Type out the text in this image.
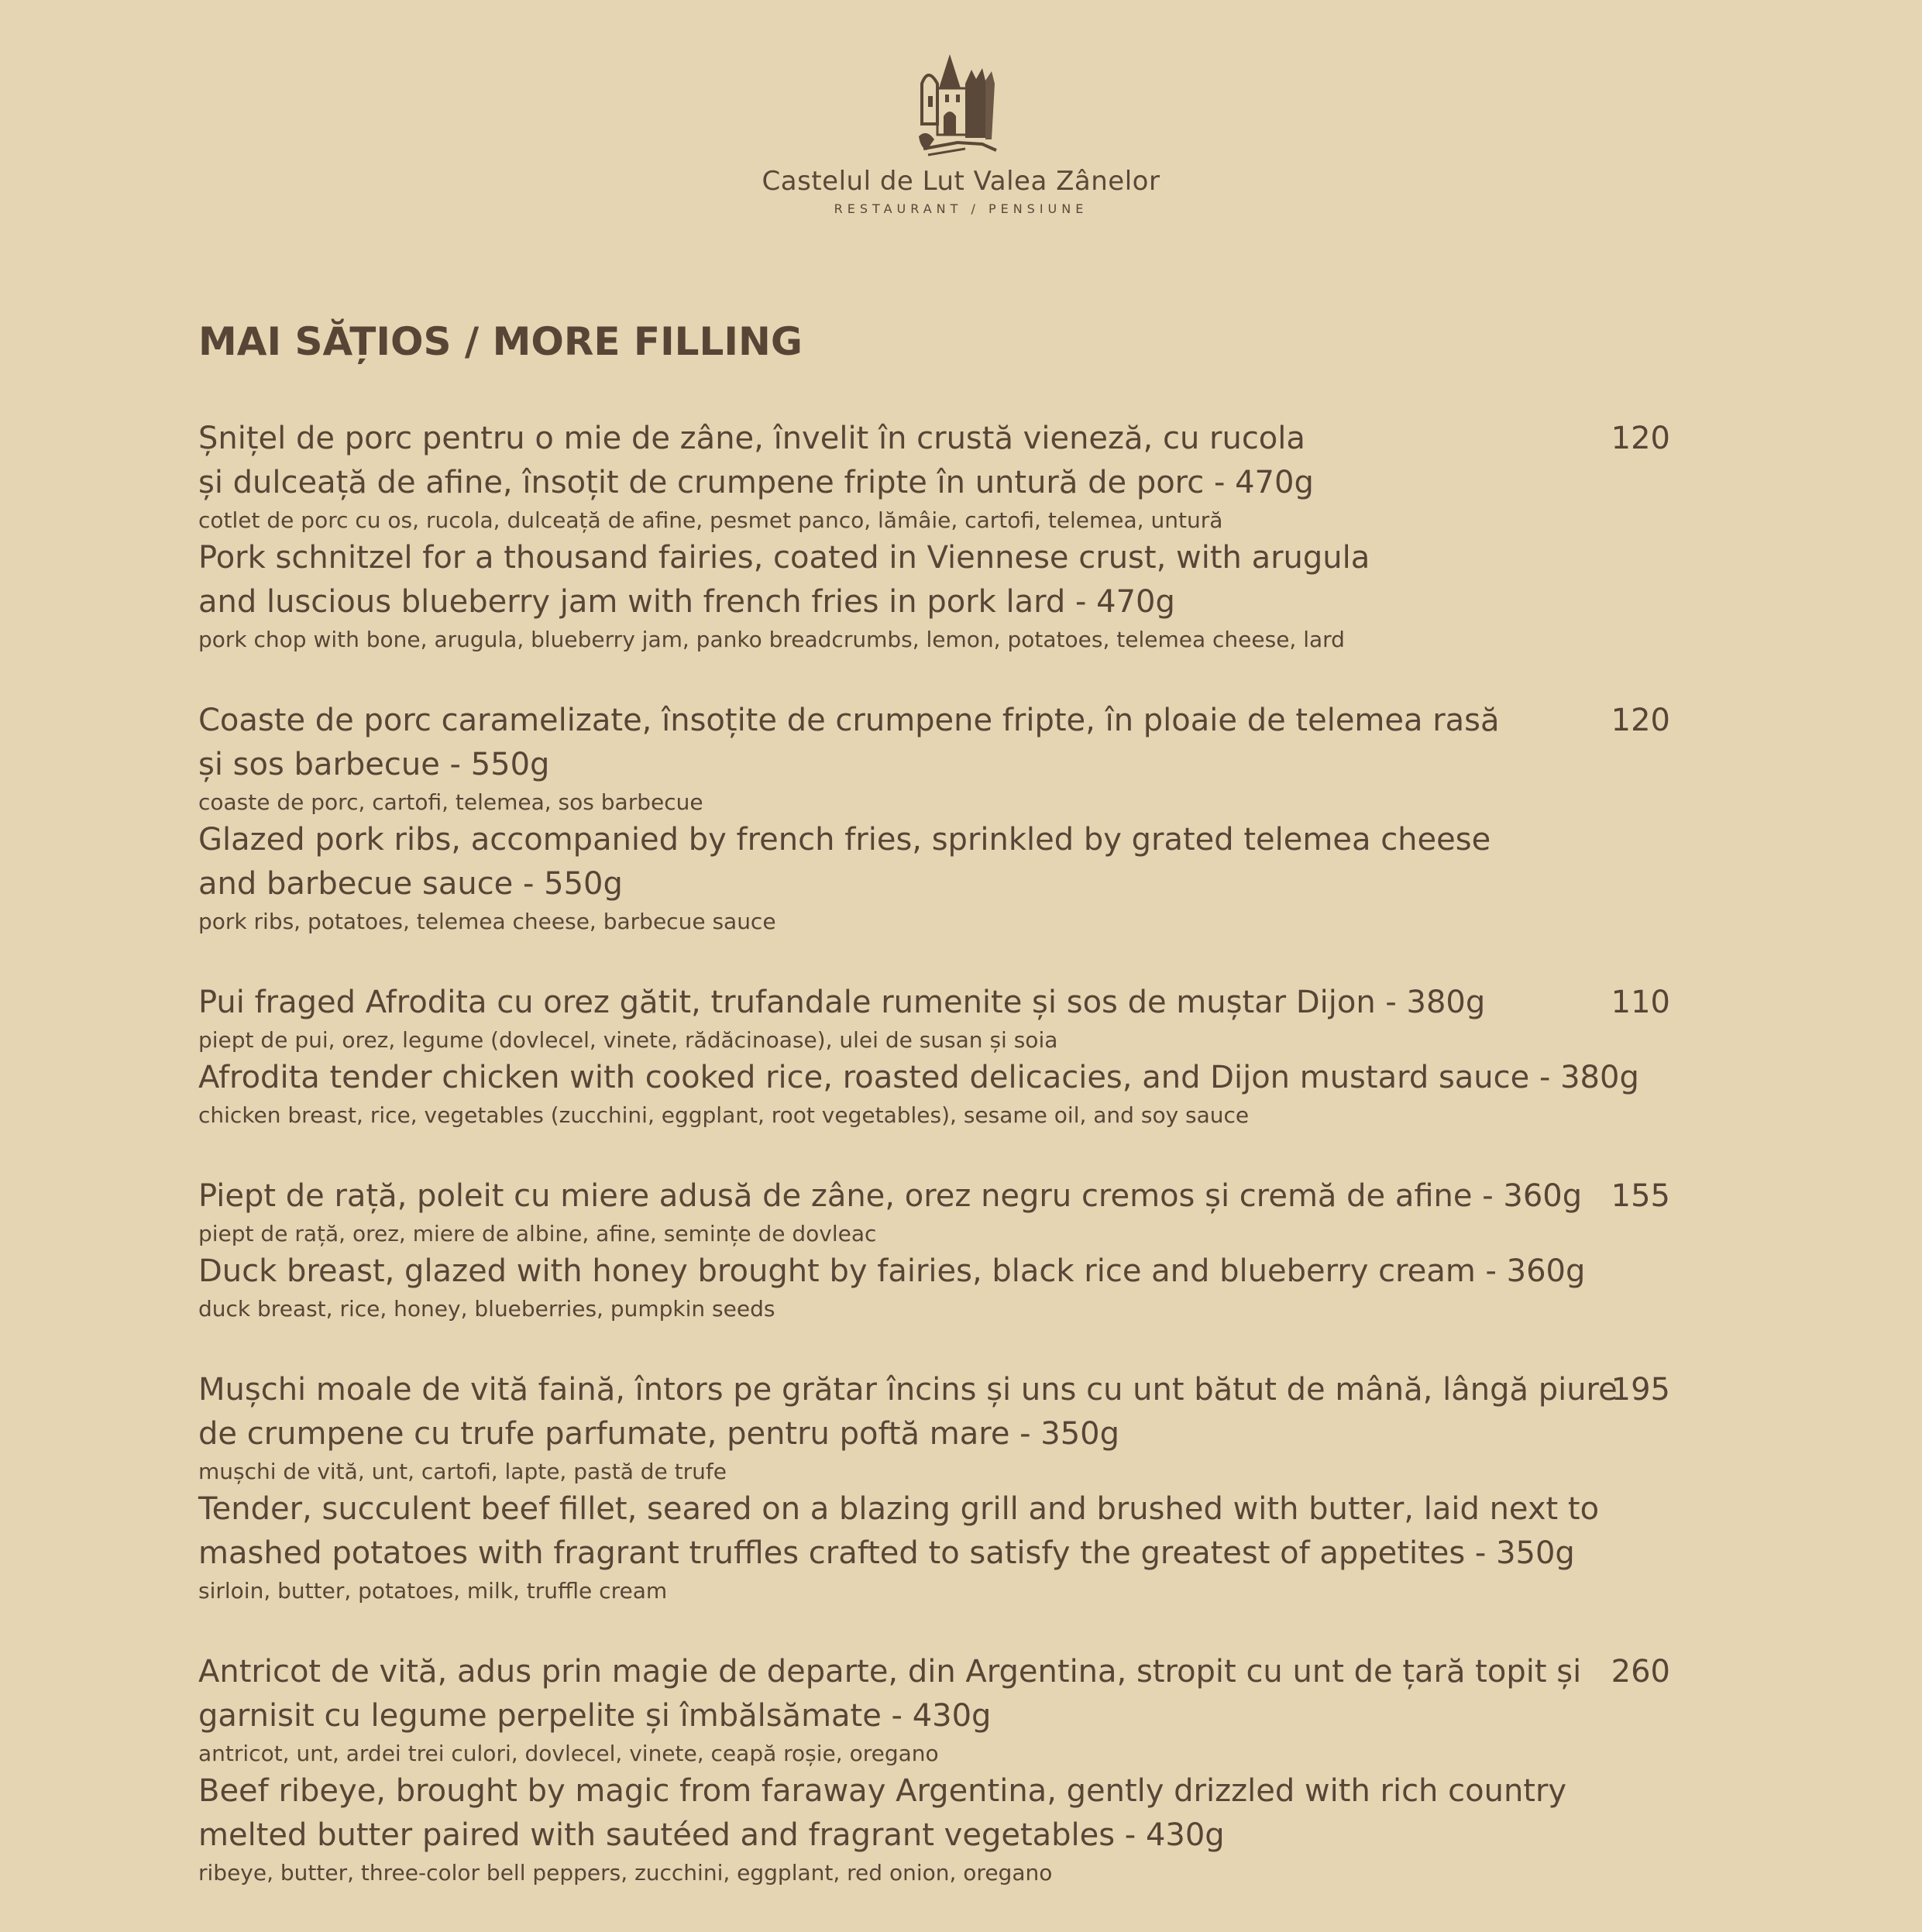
Castelul de Lut Valea Zânelor
RESTAURANT / PENSIUNE
MAI SĂȚIOS / MORE FILLING
120
Șnițel de porc pentru o mie de zâne, învelit în crustă vieneză, cu rucola
și dulceață de afine, însoțit de crumpene fripte în untură de porc - 470g
cotlet de porc cu os, rucola, dulceață de afine, pesmet panco, lămâie, cartofi, telemea, untură
Pork schnitzel for a thousand fairies, coated in Viennese crust, with arugula
and luscious blueberry jam with french fries in pork lard - 470g
pork chop with bone, arugula, blueberry jam, panko breadcrumbs, lemon, potatoes, telemea cheese, lard
120
Coaste de porc caramelizate, însoțite de crumpene fripte, în ploaie de telemea rasă
și sos barbecue - 550g
coaste de porc, cartofi, telemea, sos barbecue
Glazed pork ribs, accompanied by french fries, sprinkled by grated telemea cheese
and barbecue sauce - 550g
pork ribs, potatoes, telemea cheese, barbecue sauce
110
Pui fraged Afrodita cu orez gătit, trufandale rumenite și sos de muștar Dijon - 380g
piept de pui, orez, legume (dovlecel, vinete, rădăcinoase), ulei de susan și soia
Afrodita tender chicken with cooked rice, roasted delicacies, and Dijon mustard sauce - 380g
chicken breast, rice, vegetables (zucchini, eggplant, root vegetables), sesame oil, and soy sauce
155
Piept de rață, poleit cu miere adusă de zâne, orez negru cremos și cremă de afine - 360g
piept de rață, orez, miere de albine, afine, semințe de dovleac
Duck breast, glazed with honey brought by fairies, black rice and blueberry cream - 360g
duck breast, rice, honey, blueberries, pumpkin seeds
195
Mușchi moale de vită faină, întors pe grătar încins și uns cu unt bătut de mână, lângă piure
de crumpene cu trufe parfumate, pentru poftă mare - 350g
mușchi de vită, unt, cartofi, lapte, pastă de trufe
Tender, succulent beef fillet, seared on a blazing grill and brushed with butter, laid next to
mashed potatoes with fragrant truffles crafted to satisfy the greatest of appetites - 350g
sirloin, butter, potatoes, milk, truffle cream
260
Antricot de vită, adus prin magie de departe, din Argentina, stropit cu unt de țară topit și
garnisit cu legume perpelite și îmbălsămate - 430g
antricot, unt, ardei trei culori, dovlecel, vinete, ceapă roșie, oregano
Beef ribeye, brought by magic from faraway Argentina, gently drizzled with rich country
melted butter paired with sautéed and fragrant vegetables - 430g
ribeye, butter, three-color bell peppers, zucchini, eggplant, red onion, oregano
